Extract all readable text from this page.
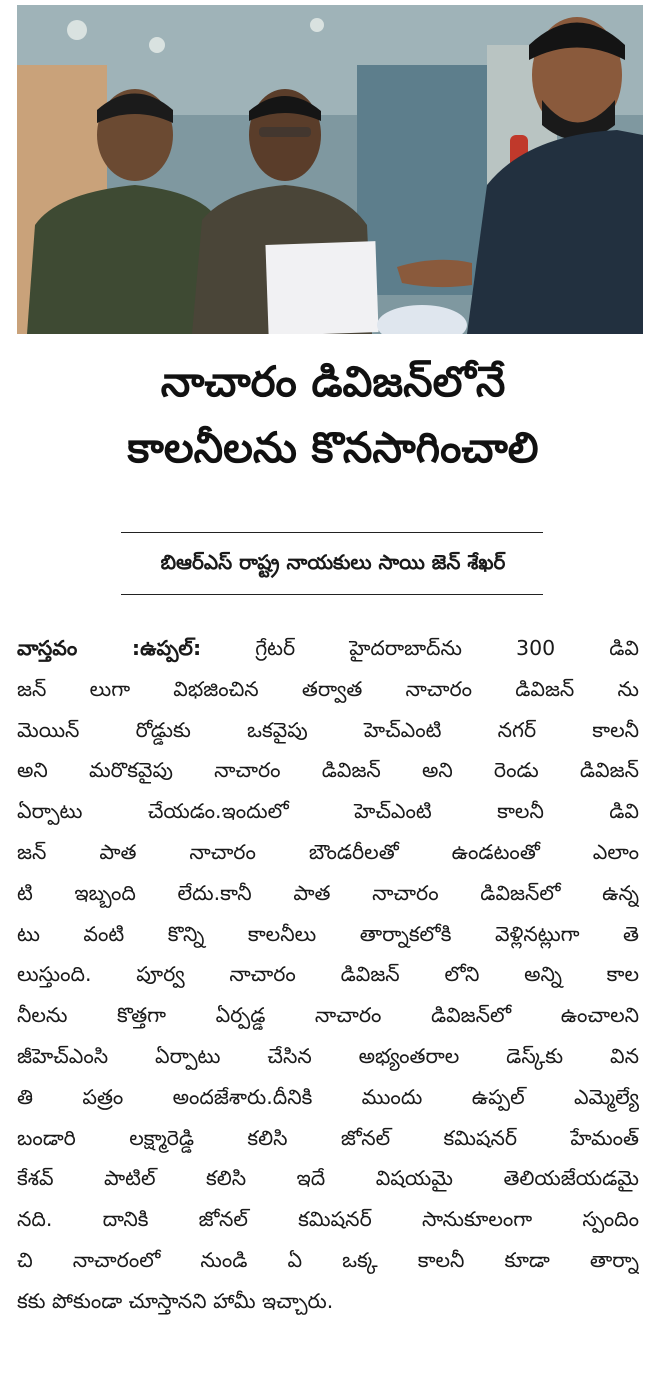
నాచారం డివిజన్‌లోనే
కాలనీలను కొనసాగించాలి
బిఆర్ఎస్ రాష్ట్ర నాయకులు సాయి జెన్ శేఖర్
వాస్తవం :ఉప్పల్: గ్రేటర్ హైదరాబాద్‌ను 300 డివి
జన్ లుగా విభజించిన తర్వాత నాచారం డివిజన్ ను
మెయిన్ రోడ్డుకు ఒకవైపు హెచ్ఎంటి నగర్ కాలనీ
అని మరొకవైపు నాచారం డివిజన్ అని రెండు డివిజన్
ఏర్పాటు చేయడం.ఇందులో హెచ్ఎంటి కాలనీ డివి
జన్ పాత నాచారం బౌండరీలతో ఉండటంతో ఎలాం
టి ఇబ్బంది లేదు.కానీ పాత నాచారం డివిజన్‌లో ఉన్న
టు వంటి కొన్ని కాలనీలు తార్నాకలోకి వెళ్లినట్లుగా తె
లుస్తుంది. పూర్వ నాచారం డివిజన్ లోని అన్ని కాల
నీలను కొత్తగా ఏర్పడ్డ నాచారం డివిజన్‌లో ఉంచాలని
జీహెచ్ఎంసి ఏర్పాటు చేసిన అభ్యంతరాల డెస్క్‌కు విన
తి పత్రం అందజేశారు.దీనికి ముందు ఉప్పల్ ఎమ్మెల్యే
బండారి లక్ష్మారెడ్డి కలిసి జోనల్ కమిషనర్ హేమంత్
కేశవ్ పాటిల్ కలిసి ఇదే విషయమై తెలియజేయడమై
నది. దానికి జోనల్ కమిషనర్ సానుకూలంగా స్పందిం
చి నాచారంలో నుండి ఏ ఒక్క కాలనీ కూడా తార్నా
కకు పోకుండా చూస్తానని హామీ ఇచ్చారు.
